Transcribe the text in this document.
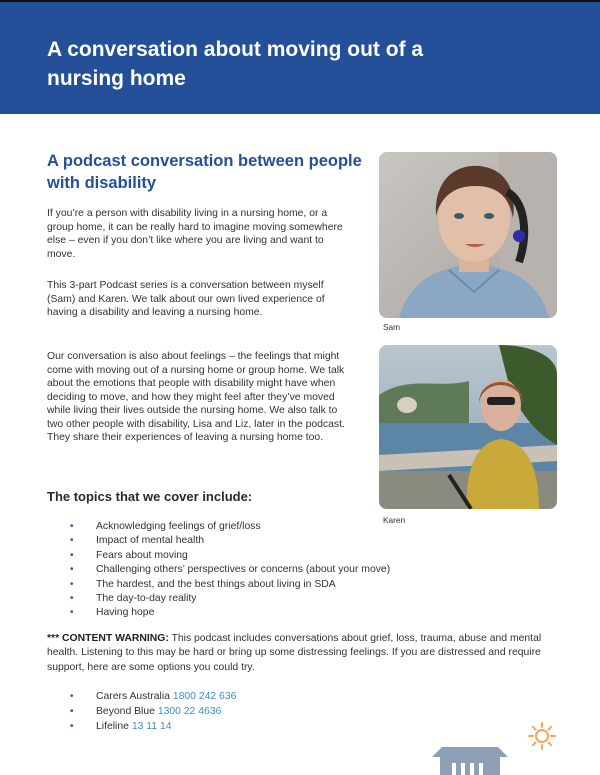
A conversation about moving out of a nursing home
A podcast conversation between people with disability

If you’re a person with disability living in a nursing home, or a group home, it can be really hard to imagine moving somewhere else – even if you don’t like where you are living and want to move.

This 3-part Podcast series is a conversation between myself (Sam) and Karen. We talk about our own lived experience of having a disability and leaving a nursing home.

Our conversation is also about feelings – the feelings that might come with moving out of a nursing home or group home. We talk about the emotions that people with disability might have when deciding to move, and how they might feel after they’ve moved while living their lives outside the nursing home. We also talk to two other people with disability, Lisa and Liz, later in the podcast. They share their experiences of leaving a nursing home too.

Sam

Karen

The topics that we cover include:
• Acknowledging feelings of grief/loss
• Impact of mental health
• Fears about moving
• Challenging others’ perspectives or concerns (about your move)
• The hardest, and the best things about living in SDA
• The day-to-day reality
• Having hope

*** CONTENT WARNING: This podcast includes conversations about grief, loss, trauma, abuse and mental health. Listening to this may be hard or bring up some distressing feelings. If you are distressed and require support, here are some options you could try.

• Carers Australia 1800 242 636
• Beyond Blue 1300 22 4636
• Lifeline 13 11 14
